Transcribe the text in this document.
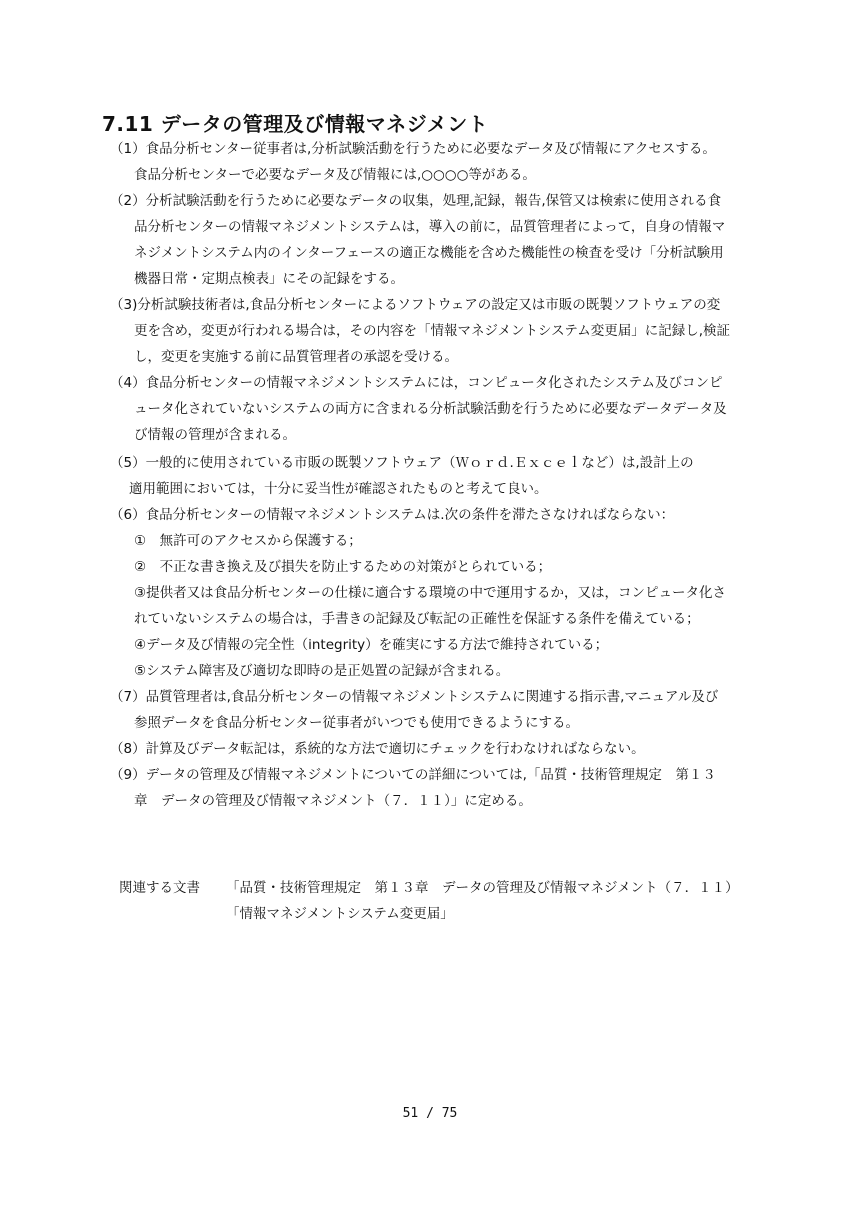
7.11 データの管理及び情報マネジメント
（1）食品分析センター従事者は,分析試験活動を行うために必要なデータ及び情報にアクセスする。
食品分析センターで必要なデータ及び情報には,○○○○等がある。
（2）分析試験活動を行うために必要なデータの収集，処理,記録，報告,保管又は検索に使用される食
品分析センターの情報マネジメントシステムは，導入の前に，品質管理者によって，自身の情報マ
ネジメントシステム内のインターフェースの適正な機能を含めた機能性の検査を受け「分析試験用
機器日常・定期点検表」にその記録をする。
（3)分析試験技術者は,食品分析センターによるソフトウェアの設定又は市販の既製ソフトウェアの変
更を含め，変更が行われる場合は，その内容を「情報マネジメントシステム変更届」に記録し,検証
し，変更を実施する前に品質管理者の承認を受ける。
（4）食品分析センターの情報マネジメントシステムには，コンピュータ化されたシステム及びコンピ
ュータ化されていないシステムの両方に含まれる分析試験活動を行うために必要なデータデータ及
び情報の管理が含まれる。
（5）一般的に使用されている市販の既製ソフトウェア（Ｗｏｒｄ.Ｅｘｃｅｌなど）は,設計上の
適用範囲においては，十分に妥当性が確認されたものと考えて良い。
（6）食品分析センターの情報マネジメントシステムは.次の条件を滞たさなければならない：
①　無許可のアクセスから保護する；
②　不正な書き換え及び損失を防止するための対策がとられている；
③提供者又は食品分析センターの仕様に適合する環境の中で運用するか，又は，コンピュータ化さ
れていないシステムの場合は，手書きの記録及び転記の正確性を保証する条件を備えている；
④データ及び情報の完全性（integrity）を確実にする方法で維持されている；
⑤システム障害及び適切な即時の是正処置の記録が含まれる。
（7）品質管理者は,食品分析センターの情報マネジメントシステムに関連する指示書,マニュアル及び
参照データを食品分析センター従事者がいつでも使用できるようにする。
（8）計算及びデータ転記は，系統的な方法で適切にチェックを行わなければならない。
（9）データの管理及び情報マネジメントについての詳細については,「品質・技術管理規定　第１３
章　データの管理及び情報マネジメント（７．１１）」に定める。
関連する文書 「品質・技術管理規定　第１３章　データの管理及び情報マネジメント（７．１１）
「情報マネジメントシステム変更届」
51 / 75
